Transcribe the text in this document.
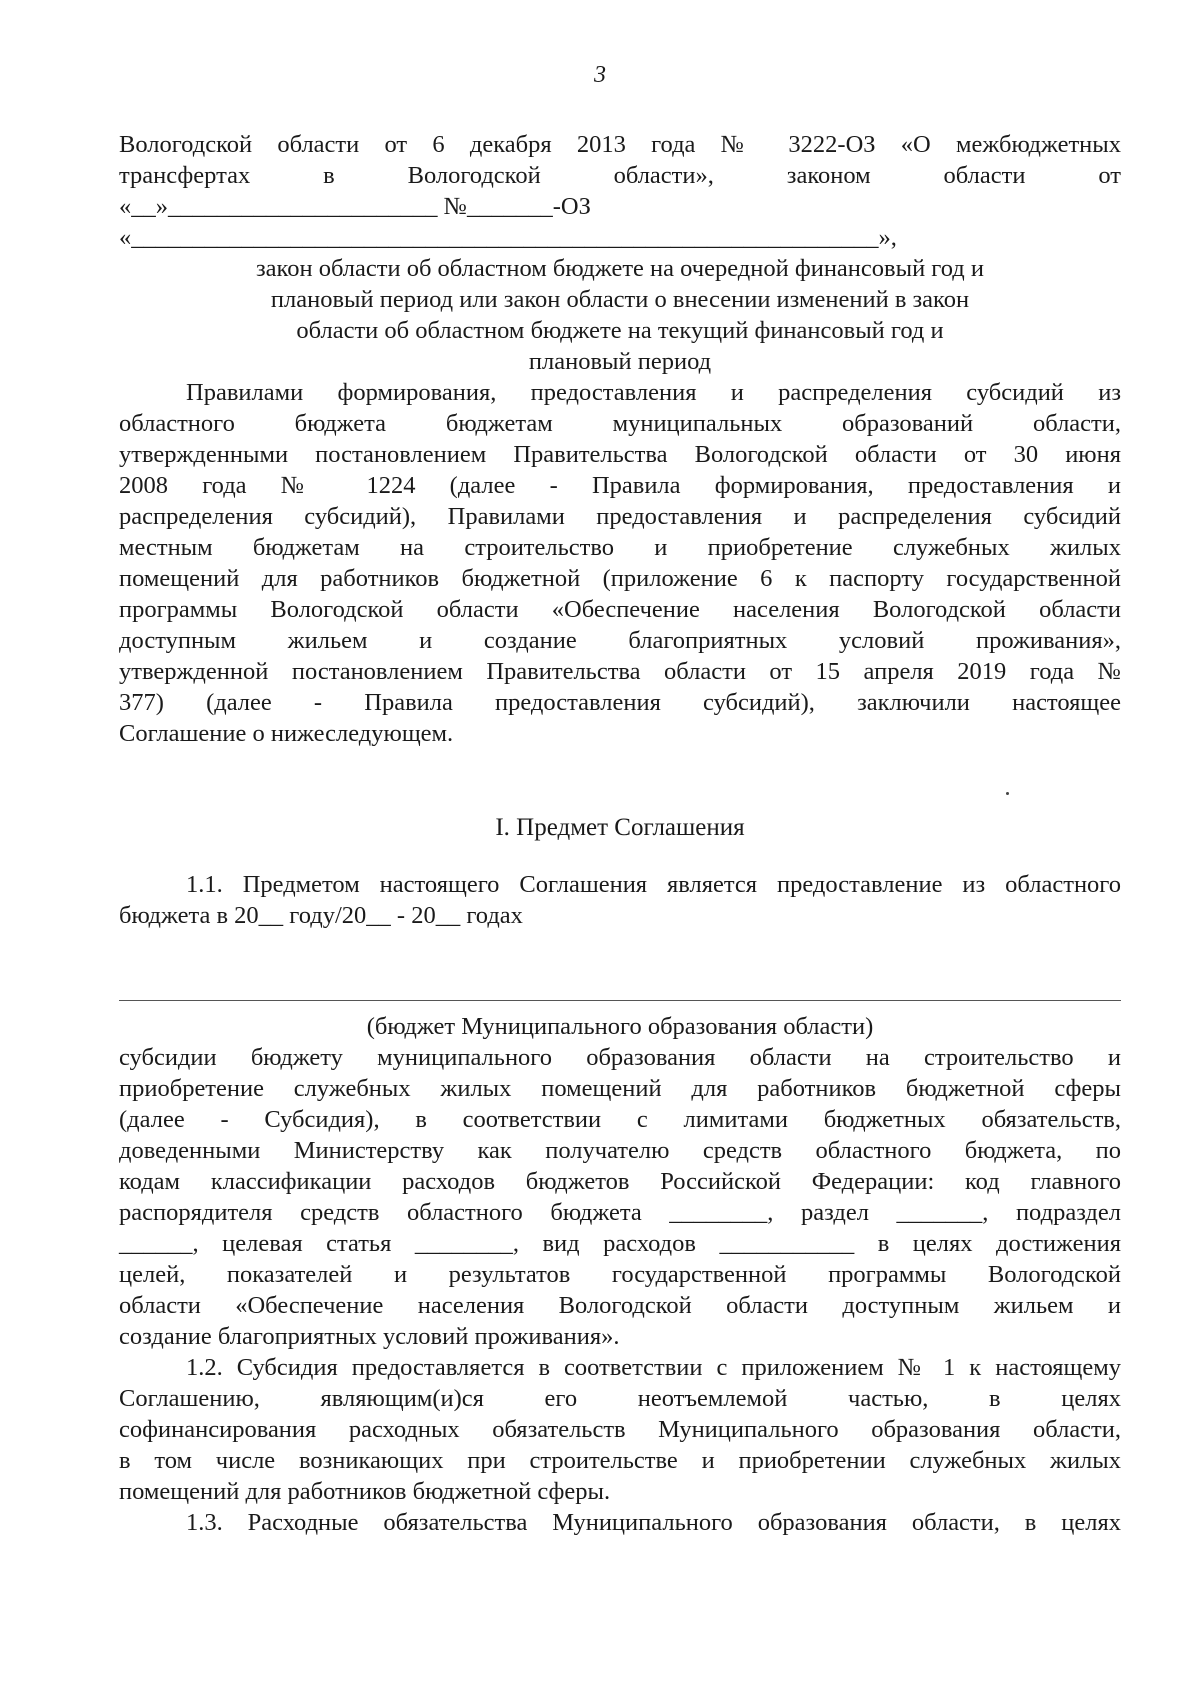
3
Вологодской области от 6 декабря 2013 года № 3222-ОЗ «О межбюджетных
трансфертах в Вологодской области», законом области от
«__»______________________ №_______-ОЗ
«_____________________________________________________________»,
закон области об областном бюджете на очередной финансовый год и
плановый период или закон области о внесении изменений в закон
области об областном бюджете на текущий финансовый год и
плановый период
Правилами формирования, предоставления и распределения субсидий из
областного бюджета бюджетам муниципальных образований области,
утвержденными постановлением Правительства Вологодской области от 30 июня
2008 года № 1224 (далее - Правила формирования, предоставления и
распределения субсидий), Правилами предоставления и распределения субсидий
местным бюджетам на строительство и приобретение служебных жилых
помещений для работников бюджетной (приложение 6 к паспорту государственной
программы Вологодской области «Обеспечение населения Вологодской области
доступным жильем и создание благоприятных условий проживания»,
утвержденной постановлением Правительства области от 15 апреля 2019 года №
377) (далее - Правила предоставления субсидий), заключили настоящее
Соглашение о нижеследующем.
I. Предмет Соглашения
1.1. Предметом настоящего Соглашения является предоставление из областного
бюджета в 20__ году/20__ - 20__ годах
(бюджет Муниципального образования области)
субсидии бюджету муниципального образования области на строительство и
приобретение служебных жилых помещений для работников бюджетной сферы
(далее - Субсидия), в соответствии с лимитами бюджетных обязательств,
доведенными Министерству как получателю средств областного бюджета, по
кодам классификации расходов бюджетов Российской Федерации: код главного
распорядителя средств областного бюджета ________, раздел _______, подраздел
______, целевая статья ________, вид расходов ___________ в целях достижения
целей, показателей и результатов государственной программы Вологодской
области «Обеспечение населения Вологодской области доступным жильем и
создание благоприятных условий проживания».
1.2. Субсидия предоставляется в соответствии с приложением № 1 к настоящему
Соглашению, являющим(и)ся его неотъемлемой частью, в целях
софинансирования расходных обязательств Муниципального образования области,
в том числе возникающих при строительстве и приобретении служебных жилых
помещений для работников бюджетной сферы.
1.3. Расходные обязательства Муниципального образования области, в целях
